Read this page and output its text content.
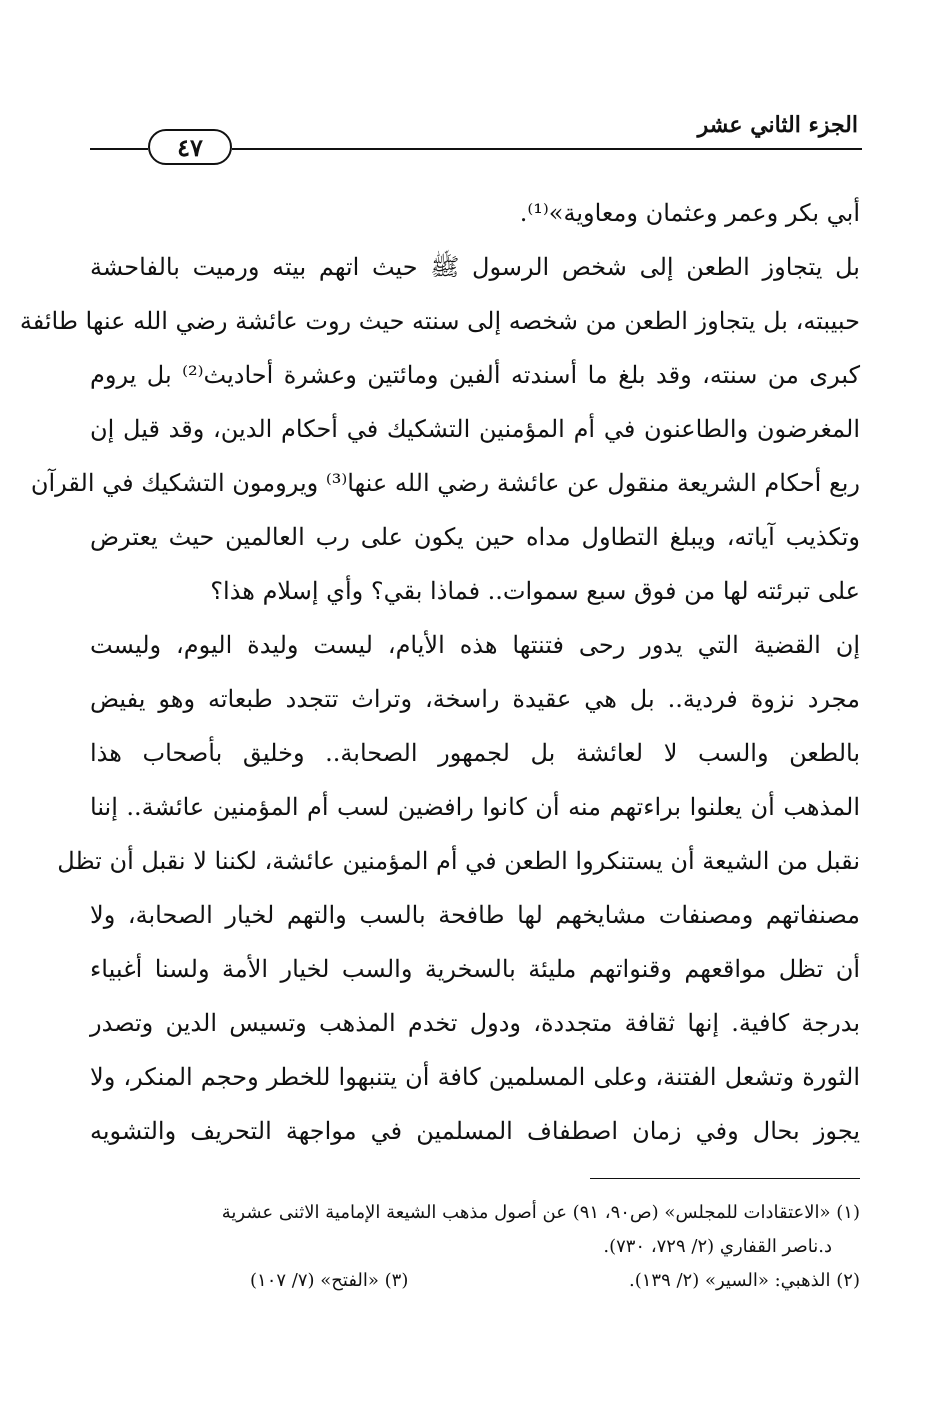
الجزء الثاني عشر
٤٧
أبي بكر وعمر وعثمان ومعاوية»⁽¹⁾.
بل يتجاوز الطعن إلى شخص الرسول ﷺ حيث اتهم بيته ورميت بالفاحشة
حبيبته، بل يتجاوز الطعن من شخصه إلى سنته حيث روت عائشة رضي الله عنها طائفة
كبرى من سنته، وقد بلغ ما أسندته ألفين ومائتين وعشرة أحاديث⁽²⁾ بل يروم
المغرضون والطاعنون في أم المؤمنين التشكيك في أحكام الدين، وقد قيل إن
ربع أحكام الشريعة منقول عن عائشة رضي الله عنها⁽³⁾ ويرومون التشكيك في القرآن
وتكذيب آياته، ويبلغ التطاول مداه حين يكون على رب العالمين حيث يعترض
على تبرئته لها من فوق سبع سموات.. فماذا بقي؟ وأي إسلام هذا؟
إن القضية التي يدور رحى فتنتها هذه الأيام، ليست وليدة اليوم، وليست
مجرد نزوة فردية.. بل هي عقيدة راسخة، وتراث تتجدد طبعاته وهو يفيض
بالطعن والسب لا لعائشة بل لجمهور الصحابة.. وخليق بأصحاب هذا
المذهب أن يعلنوا براءتهم منه أن كانوا رافضين لسب أم المؤمنين عائشة.. إننا
نقبل من الشيعة أن يستنكروا الطعن في أم المؤمنين عائشة، لكننا لا نقبل أن تظل
مصنفاتهم ومصنفات مشايخهم لها طافحة بالسب والتهم لخيار الصحابة، ولا
أن تظل مواقعهم وقنواتهم مليئة بالسخرية والسب لخيار الأمة ولسنا أغبياء
بدرجة كافية. إنها ثقافة متجددة، ودول تخدم المذهب وتسيس الدين وتصدر
الثورة وتشعل الفتنة، وعلى المسلمين كافة أن يتنبهوا للخطر وحجم المنكر، ولا
يجوز بحال وفي زمان اصطفاف المسلمين في مواجهة التحريف والتشويه
(١) «الاعتقادات للمجلس» (ص٩٠، ٩١) عن أصول مذهب الشيعة الإمامية الاثنى عشرية
د.ناصر القفاري (٢/ ٧٢٩، ٧٣٠).
(٢) الذهبي: «السير» (٢/ ١٣٩).
(٣) «الفتح» (٧/ ١٠٧)
